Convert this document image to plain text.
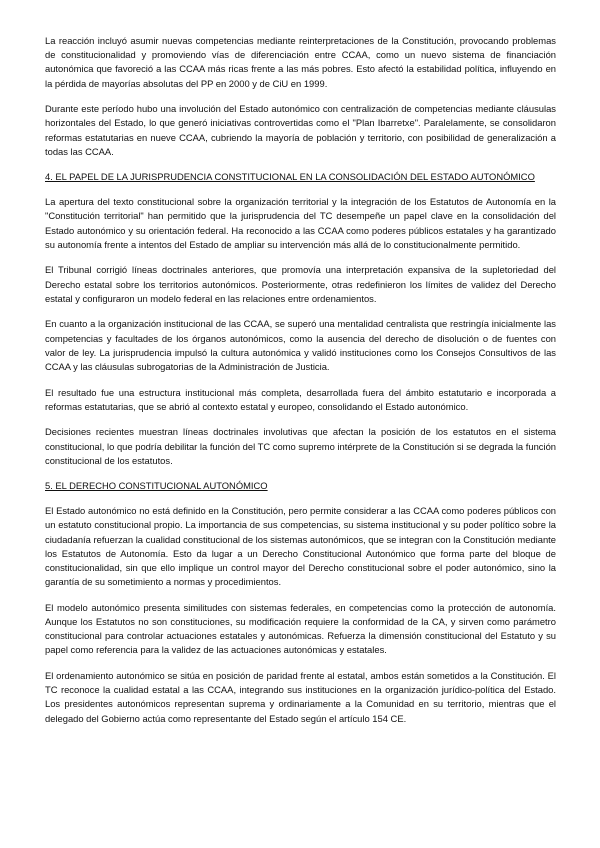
La reacción incluyó asumir nuevas competencias mediante reinterpretaciones de la Constitución, provocando problemas de constitucionalidad y promoviendo vías de diferenciación entre CCAA, como un nuevo sistema de financiación autonómica que favoreció a las CCAA más ricas frente a las más pobres. Esto afectó la estabilidad política, influyendo en la pérdida de mayorías absolutas del PP en 2000 y de CiU en 1999.

Durante este período hubo una involución del Estado autonómico con centralización de competencias mediante cláusulas horizontales del Estado, lo que generó iniciativas controvertidas como el "Plan Ibarretxe". Paralelamente, se consolidaron reformas estatutarias en nueve CCAA, cubriendo la mayoría de población y territorio, con posibilidad de generalización a todas las CCAA.

4. EL PAPEL DE LA JURISPRUDENCIA CONSTITUCIONAL EN LA CONSOLIDACIÓN DEL ESTADO AUTONÓMICO

La apertura del texto constitucional sobre la organización territorial y la integración de los Estatutos de Autonomía en la "Constitución territorial" han permitido que la jurisprudencia del TC desempeñe un papel clave en la consolidación del Estado autonómico y su orientación federal. Ha reconocido a las CCAA como poderes públicos estatales y ha garantizado su autonomía frente a intentos del Estado de ampliar su intervención más allá de lo constitucionalmente permitido.

El Tribunal corrigió líneas doctrinales anteriores, que promovía una interpretación expansiva de la supletoriedad del Derecho estatal sobre los territorios autonómicos. Posteriormente, otras redefinieron los límites de validez del Derecho estatal y configuraron un modelo federal en las relaciones entre ordenamientos.

En cuanto a la organización institucional de las CCAA, se superó una mentalidad centralista que restringía inicialmente las competencias y facultades de los órganos autonómicos, como la ausencia del derecho de disolución o de fuentes con valor de ley. La jurisprudencia impulsó la cultura autonómica y validó instituciones como los Consejos Consultivos de las CCAA y las cláusulas subrogatorias de la Administración de Justicia.

El resultado fue una estructura institucional más completa, desarrollada fuera del ámbito estatutario e incorporada a reformas estatutarias, que se abrió al contexto estatal y europeo, consolidando el Estado autonómico.

Decisiones recientes muestran líneas doctrinales involutivas que afectan la posición de los estatutos en el sistema constitucional, lo que podría debilitar la función del TC como supremo intérprete de la Constitución si se degrada la función constitucional de los estatutos.

5. EL DERECHO CONSTITUCIONAL AUTONÓMICO

El Estado autonómico no está definido en la Constitución, pero permite considerar a las CCAA como poderes públicos con un estatuto constitucional propio. La importancia de sus competencias, su sistema institucional y su poder político sobre la ciudadanía refuerzan la cualidad constitucional de los sistemas autonómicos, que se integran con la Constitución mediante los Estatutos de Autonomía. Esto da lugar a un Derecho Constitucional Autonómico que forma parte del bloque de constitucionalidad, sin que ello implique un control mayor del Derecho constitucional sobre el poder autonómico, sino la garantía de su sometimiento a normas y procedimientos.

El modelo autonómico presenta similitudes con sistemas federales, en competencias como la protección de autonomía. Aunque los Estatutos no son constituciones, su modificación requiere la conformidad de la CA, y sirven como parámetro constitucional para controlar actuaciones estatales y autonómicas. Refuerza la dimensión constitucional del Estatuto y su papel como referencia para la validez de las actuaciones autonómicas y estatales.

El ordenamiento autonómico se sitúa en posición de paridad frente al estatal, ambos están sometidos a la Constitución. El TC reconoce la cualidad estatal a las CCAA, integrando sus instituciones en la organización jurídico-política del Estado. Los presidentes autonómicos representan suprema y ordinariamente a la Comunidad en su territorio, mientras que el delegado del Gobierno actúa como representante del Estado según el artículo 154 CE.
